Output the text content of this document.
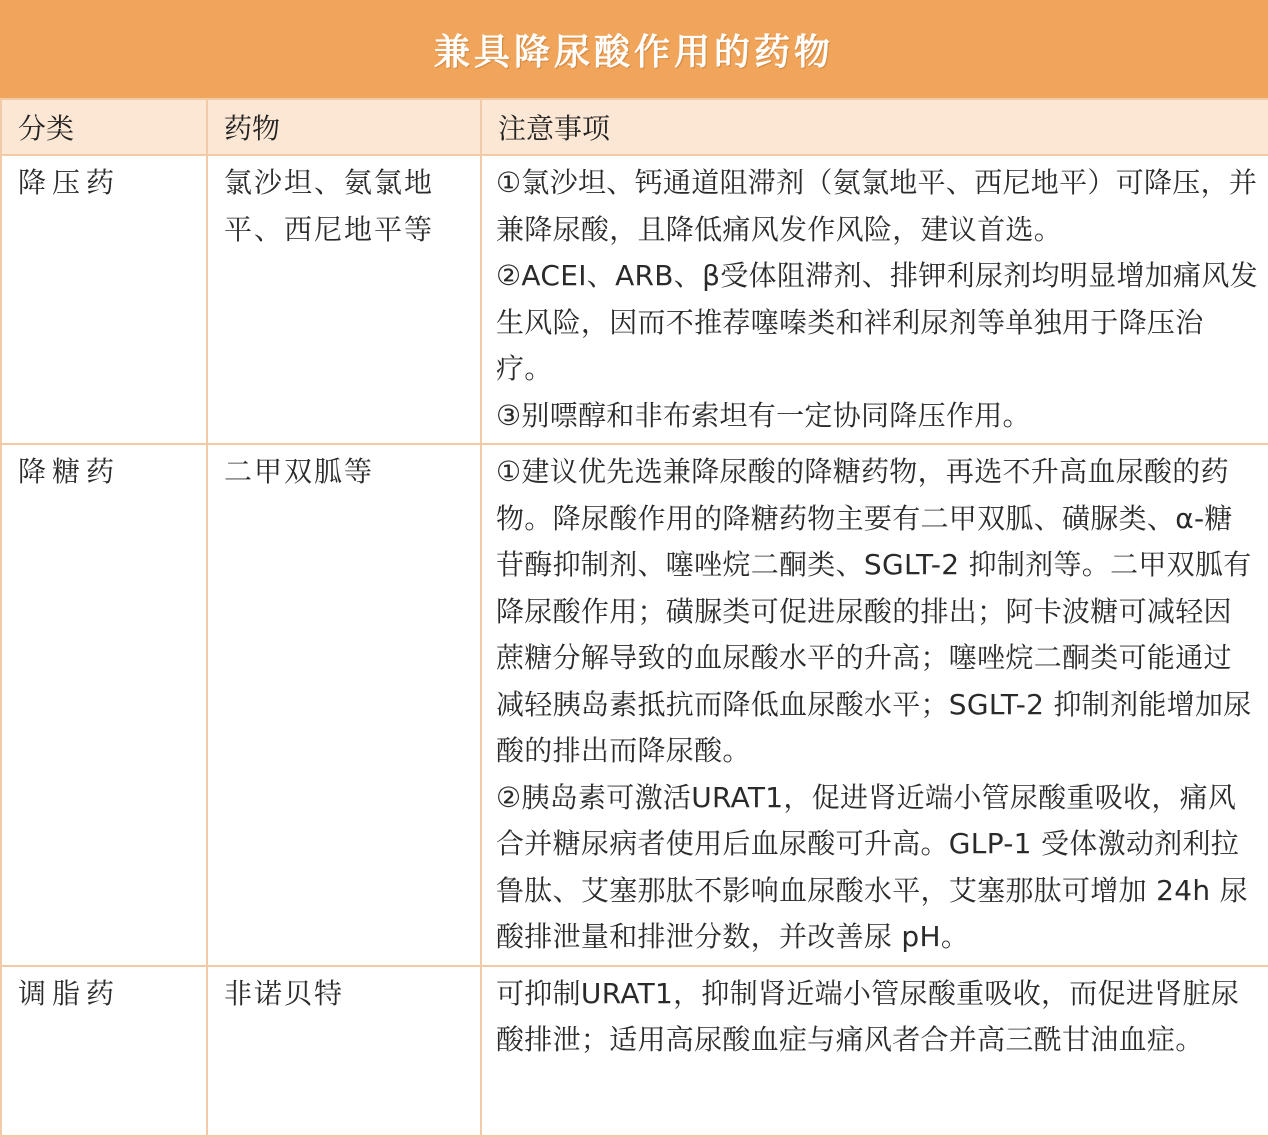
兼具降尿酸作用的药物
分类	药物	注意事项
降压药	氯沙坦、氨氯地平、西尼地平等	①氯沙坦、钙通道阻滞剂（氨氯地平、西尼地平）可降压，并兼降尿酸，且降低痛风发作风险，建议首选。
②ACEI、ARB、β受体阻滞剂、排钾利尿剂均明显增加痛风发生风险，因而不推荐噻嗪类和袢利尿剂等单独用于降压治疗。
③别嘌醇和非布索坦有一定协同降压作用。

降糖药	二甲双胍等	①建议优先选兼降尿酸的降糖药物，再选不升高血尿酸的药物。降尿酸作用的降糖药物主要有二甲双胍、磺脲类、α-糖苷酶抑制剂、噻唑烷二酮类、SGLT-2 抑制剂等。二甲双胍有降尿酸作用；磺脲类可促进尿酸的排出；阿卡波糖可减轻因蔗糖分解导致的血尿酸水平的升高；噻唑烷二酮类可能通过减轻胰岛素抵抗而降低血尿酸水平；SGLT-2 抑制剂能增加尿酸的排出而降尿酸。
②胰岛素可激活URAT1，促进肾近端小管尿酸重吸收，痛风合并糖尿病者使用后血尿酸可升高。GLP-1 受体激动剂利拉鲁肽、艾塞那肽不影响血尿酸水平，艾塞那肽可增加 24h 尿酸排泄量和排泄分数，并改善尿 pH。

调脂药	非诺贝特	可抑制URAT1，抑制肾近端小管尿酸重吸收，而促进肾脏尿酸排泄；适用高尿酸血症与痛风者合并高三酰甘油血症。
